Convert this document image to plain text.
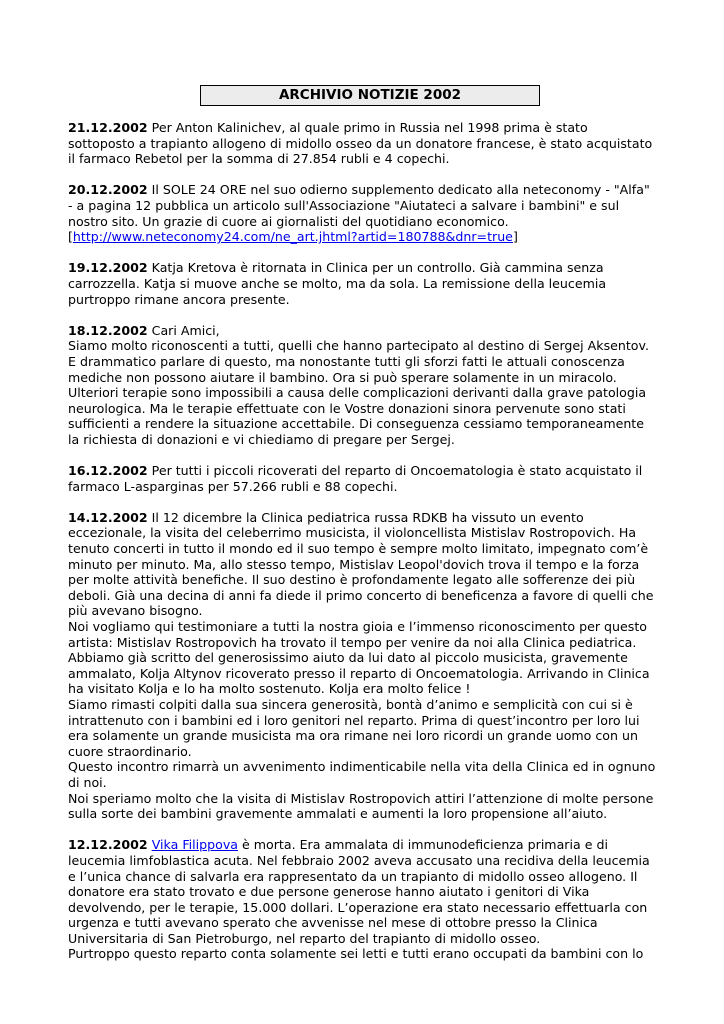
ARCHIVIO NOTIZIE 2002

21.12.2002 Per Anton Kalinichev, al quale primo in Russia nel 1998 prima è stato sottoposto a trapianto allogeno di midollo osseo da un donatore francese, è stato acquistato il farmaco Rebetol per la somma di 27.854 rubli e 4 copechi.

20.12.2002 Il SOLE 24 ORE nel suo odierno supplemento dedicato alla neteconomy - "Alfa" - a pagina 12 pubblica un articolo sull'Associazione "Aiutateci a salvare i bambini" e sul nostro sito. Un grazie di cuore ai giornalisti del quotidiano economico.

[http://www.neteconomy24.com/ne_art.jhtml?artid=180788&dnr=true]

19.12.2002 Katja Kretova è ritornata in Clinica per un controllo. Già cammina senza carrozzella. Katja si muove anche se molto, ma da sola. La remissione della leucemia purtroppo rimane ancora presente.

18.12.2002 Cari Amici,

Siamo molto riconoscenti a tutti, quelli che hanno partecipato al destino di Sergej Aksentov. E drammatico parlare di questo, ma nonostante tutti gli sforzi fatti le attuali conoscenza mediche non possono aiutare il bambino. Ora si può sperare solamente in un miracolo. Ulteriori terapie sono impossibili a causa delle complicazioni derivanti dalla grave patologia neurologica. Ma le terapie effettuate con le Vostre donazioni sinora pervenute sono stati sufficienti a rendere la situazione accettabile. Di conseguenza cessiamo temporaneamente la richiesta di donazioni e vi chiediamo di pregare per Sergej.

16.12.2002 Per tutti i piccoli ricoverati del reparto di Oncoematologia è stato acquistato il farmaco L-asparginas per 57.266 rubli e 88 copechi.

14.12.2002 Il 12 dicembre la Clinica pediatrica russa RDKB ha vissuto un evento eccezionale, la visita del celeberrimo musicista, il violoncellista Mistislav Rostropovich. Ha tenuto concerti in tutto il mondo ed il suo tempo è sempre molto limitato, impegnato com’è minuto per minuto. Ma, allo stesso tempo, Mistislav Leopol'dovich trova il tempo e la forza per molte attività benefiche. Il suo destino è profondamente legato alle sofferenze dei più deboli. Già una decina di anni fa diede il primo concerto di beneficenza a favore di quelli che più avevano bisogno.

Noi vogliamo qui testimoniare a tutti la nostra gioia e l’immenso riconoscimento per questo artista: Mistislav Rostropovich ha trovato il tempo per venire da noi alla Clinica pediatrica. Abbiamo già scritto del generosissimo aiuto da lui dato al piccolo musicista, gravemente ammalato, Kolja Altynov ricoverato presso il reparto di Oncoematologia. Arrivando in Clinica ha visitato Kolja e lo ha molto sostenuto. Kolja era molto felice !

Siamo rimasti colpiti dalla sua sincera generosità, bontà d’animo e semplicità con cui si è intrattenuto con i bambini ed i loro genitori nel reparto. Prima di quest’incontro per loro lui era solamente un grande musicista ma ora rimane nei loro ricordi un grande uomo con un cuore straordinario.

Questo incontro rimarrà un avvenimento indimenticabile nella vita della Clinica ed in ognuno di noi.

Noi speriamo molto che la visita di Mistislav Rostropovich attiri l’attenzione di molte persone sulla sorte dei bambini gravemente ammalati e aumenti la loro propensione all’aiuto.

12.12.2002 Vika Filippova è morta. Era ammalata di immunodeficienza primaria e di leucemia limfoblastica acuta. Nel febbraio 2002 aveva accusato una recidiva della leucemia e l’unica chance di salvarla era rappresentato da un trapianto di midollo osseo allogeno. Il donatore era stato trovato e due persone generose hanno aiutato i genitori di Vika devolvendo, per le terapie, 15.000 dollari. L’operazione era stato necessario effettuarla con urgenza e tutti avevano sperato che avvenisse nel mese di ottobre presso la Clinica Universitaria di San Pietroburgo, nel reparto del trapianto di midollo osseo.

Purtroppo questo reparto conta solamente sei letti e tutti erano occupati da bambini con lo
